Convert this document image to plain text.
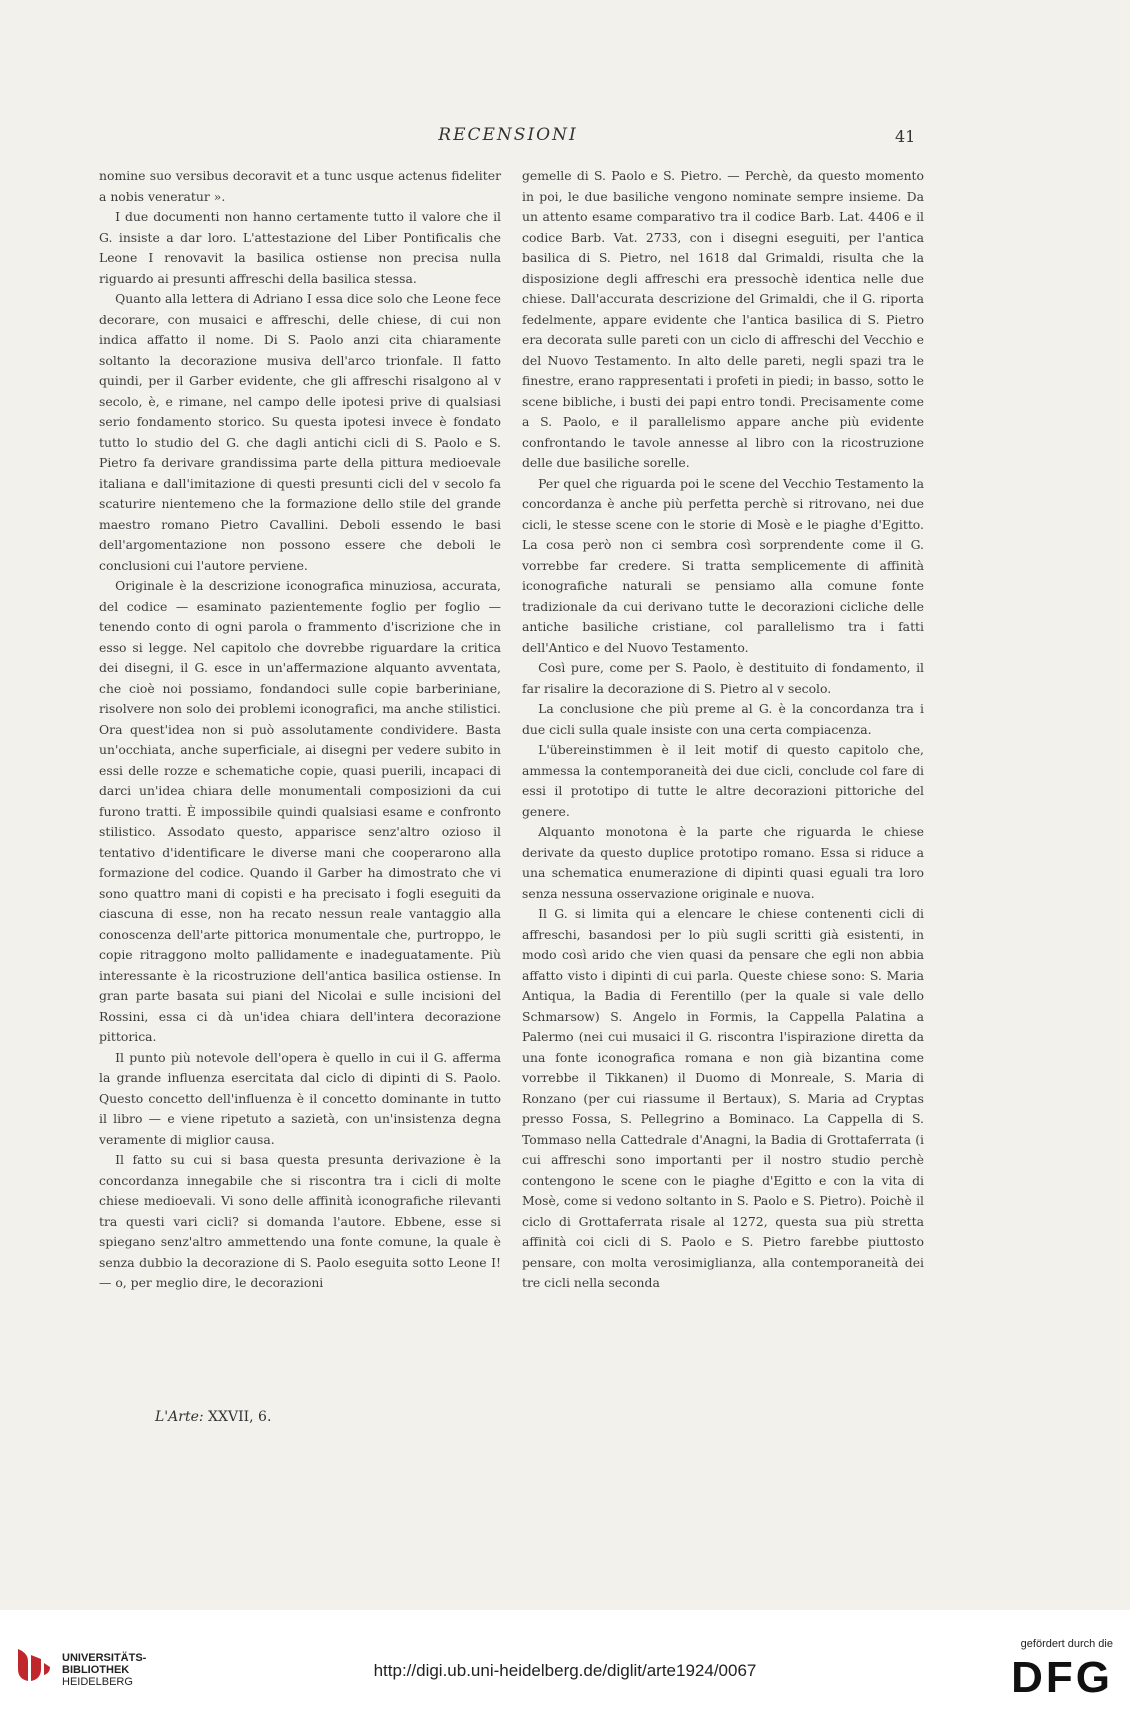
RECENSIONI	41

nomine suo versibus decoravit et a tunc usque actenus fideliter a nobis veneratur ».

I due documenti non hanno certamente tutto il valore che il G. insiste a dar loro. L'attestazione del Liber Pontificalis che Leone I renovavit la basilica ostiense non precisa nulla riguardo ai presunti affreschi della basilica stessa.

Quanto alla lettera di Adriano I essa dice solo che Leone fece decorare, con musaici e affreschi, delle chiese, di cui non indica affatto il nome. Di S. Paolo anzi cita chiaramente soltanto la decorazione musiva dell'arco trionfale. Il fatto quindi, per il Garber evidente, che gli affreschi risalgono al v secolo, è, e rimane, nel campo delle ipotesi prive di qualsiasi serio fondamento storico. Su questa ipotesi invece è fondato tutto lo studio del G. che dagli antichi cicli di S. Paolo e S. Pietro fa derivare grandissima parte della pittura medioevale italiana e dall'imitazione di questi presunti cicli del v secolo fa scaturire nientemeno che la formazione dello stile del grande maestro romano Pietro Cavallini. Deboli essendo le basi dell'argomentazione non possono essere che deboli le conclusioni cui l'autore perviene.

Originale è la descrizione iconografica minuziosa, accurata, del codice — esaminato pazientemente foglio per foglio — tenendo conto di ogni parola o frammento d'iscrizione che in esso si legge. Nel capitolo che dovrebbe riguardare la critica dei disegni, il G. esce in un'affermazione alquanto avventata, che cioè noi possiamo, fondandoci sulle copie barberiniane, risolvere non solo dei problemi iconografici, ma anche stilistici. Ora quest'idea non si può assolutamente condividere. Basta un'occhiata, anche superficiale, ai disegni per vedere subito in essi delle rozze e schematiche copie, quasi puerili, incapaci di darci un'idea chiara delle monumentali composizioni da cui furono tratti. È impossibile quindi qualsiasi esame e confronto stilistico. Assodato questo, apparisce senz'altro ozioso il tentativo d'identificare le diverse mani che cooperarono alla formazione del codice. Quando il Garber ha dimostrato che vi sono quattro mani di copisti e ha precisato i fogli eseguiti da ciascuna di esse, non ha recato nessun reale vantaggio alla conoscenza dell'arte pittorica monumentale che, purtroppo, le copie ritraggono molto pallidamente e inadeguatamente. Più interessante è la ricostruzione dell'antica basilica ostiense. In gran parte basata sui piani del Nicolai e sulle incisioni del Rossini, essa ci dà un'idea chiara dell'intera decorazione pittorica.

Il punto più notevole dell'opera è quello in cui il G. afferma la grande influenza esercitata dal ciclo di dipinti di S. Paolo. Questo concetto dell'influenza è il concetto dominante in tutto il libro — e viene ripetuto a sazietà, con un'insistenza degna veramente di miglior causa.

Il fatto su cui si basa questa presunta derivazione è la concordanza innegabile che si riscontra tra i cicli di molte chiese medioevali. Vi sono delle affinità iconografiche rilevanti tra questi vari cicli? si domanda l'autore. Ebbene, esse si spiegano senz'altro ammettendo una fonte comune, la quale è senza dubbio la decorazione di S. Paolo eseguita sotto Leone I! — o, per meglio dire, le decorazioni

gemelle di S. Paolo e S. Pietro. — Perchè, da questo momento in poi, le due basiliche vengono nominate sempre insieme. Da un attento esame comparativo tra il codice Barb. Lat. 4406 e il codice Barb. Vat. 2733, con i disegni eseguiti, per l'antica basilica di S. Pietro, nel 1618 dal Grimaldi, risulta che la disposizione degli affreschi era pressochè identica nelle due chiese. Dall'accurata descrizione del Grimaldi, che il G. riporta fedelmente, appare evidente che l'antica basilica di S. Pietro era decorata sulle pareti con un ciclo di affreschi del Vecchio e del Nuovo Testamento. In alto delle pareti, negli spazi tra le finestre, erano rappresentati i profeti in piedi; in basso, sotto le scene bibliche, i busti dei papi entro tondi. Precisamente come a S. Paolo, e il parallelismo appare anche più evidente confrontando le tavole annesse al libro con la ricostruzione delle due basiliche sorelle.

Per quel che riguarda poi le scene del Vecchio Testamento la concordanza è anche più perfetta perchè si ritrovano, nei due cicli, le stesse scene con le storie di Mosè e le piaghe d'Egitto. La cosa però non ci sembra così sorprendente come il G. vorrebbe far credere. Si tratta semplicemente di affinità iconografiche naturali se pensiamo alla comune fonte tradizionale da cui derivano tutte le decorazioni cicliche delle antiche basiliche cristiane, col parallelismo tra i fatti dell'Antico e del Nuovo Testamento.

Così pure, come per S. Paolo, è destituito di fondamento, il far risalire la decorazione di S. Pietro al v secolo.

La conclusione che più preme al G. è la concordanza tra i due cicli sulla quale insiste con una certa compiacenza.

L'übereinstimmen è il leit motif di questo capitolo che, ammessa la contemporaneità dei due cicli, conclude col fare di essi il prototipo di tutte le altre decorazioni pittoriche del genere.

Alquanto monotona è la parte che riguarda le chiese derivate da questo duplice prototipo romano. Essa si riduce a una schematica enumerazione di dipinti quasi eguali tra loro senza nessuna osservazione originale e nuova.

Il G. si limita qui a elencare le chiese contenenti cicli di affreschi, basandosi per lo più sugli scritti già esistenti, in modo così arido che vien quasi da pensare che egli non abbia affatto visto i dipinti di cui parla. Queste chiese sono: S. Maria Antiqua, la Badia di Ferentillo (per la quale si vale dello Schmarsow) S. Angelo in Formis, la Cappella Palatina a Palermo (nei cui musaici il G. riscontra l'ispirazione diretta da una fonte iconografica romana e non già bizantina come vorrebbe il Tikkanen) il Duomo di Monreale, S. Maria di Ronzano (per cui riassume il Bertaux), S. Maria ad Cryptas presso Fossa, S. Pellegrino a Bominaco. La Cappella di S. Tommaso nella Cattedrale d'Anagni, la Badia di Grottaferrata (i cui affreschi sono importanti per il nostro studio perchè contengono le scene con le piaghe d'Egitto e con la vita di Mosè, come si vedono soltanto in S. Paolo e S. Pietro). Poichè il ciclo di Grottaferrata risale al 1272, questa sua più stretta affinità coi cicli di S. Paolo e S. Pietro farebbe piuttosto pensare, con molta verosimiglianza, alla contemporaneità dei tre cicli nella seconda

L'Arte: XXVII, 6.
UNIVERSITÄTS-
BIBLIOTHEK
HEIDELBERG
http://digi.ub.uni-heidelberg.de/diglit/arte1924/0067
gefördert durch die
DFG
